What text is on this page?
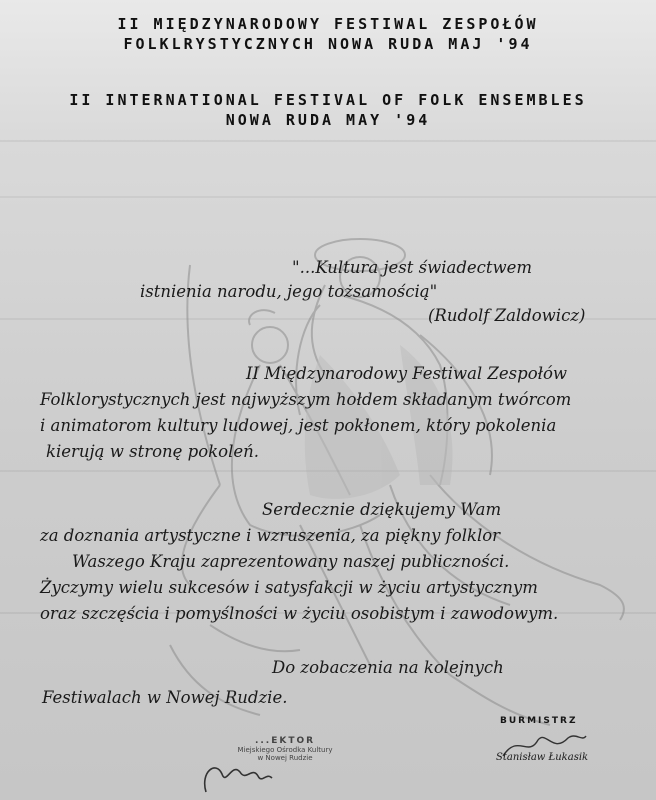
II MIĘDZYNARODOWY FESTIWAL ZESPOŁÓW
FOLKLRYSTYCZNYCH NOWA RUDA MAJ '94
II INTERNATIONAL FESTIVAL OF FOLK ENSEMBLES
NOWA RUDA MAY '94
"...Kultura jest świadectwem
istnienia narodu, jego tożsamością"
(Rudolf Zaldowicz)
II Międzynarodowy Festiwal Zespołów
Folklorystycznych jest najwyższym hołdem składanym twórcom
i animatorom kultury ludowej, jest pokłonem, który pokolenia
kierują w stronę pokoleń.
Serdecznie dziękujemy Wam
za doznania artystyczne i wzruszenia, za piękny folklor
Waszego Kraju zaprezentowany naszej publiczności.
Życzymy wielu sukcesów i satysfakcji w życiu artystycznym
oraz szczęścia i pomyślności w życiu osobistym i zawodowym.
Do zobaczenia na kolejnych
Festiwalach w Nowej Rudzie.
BURMISTRZ
Stanisław Łukasik
...EKTOR
Miejskiego Ośrodka Kultury
w Nowej Rudzie
